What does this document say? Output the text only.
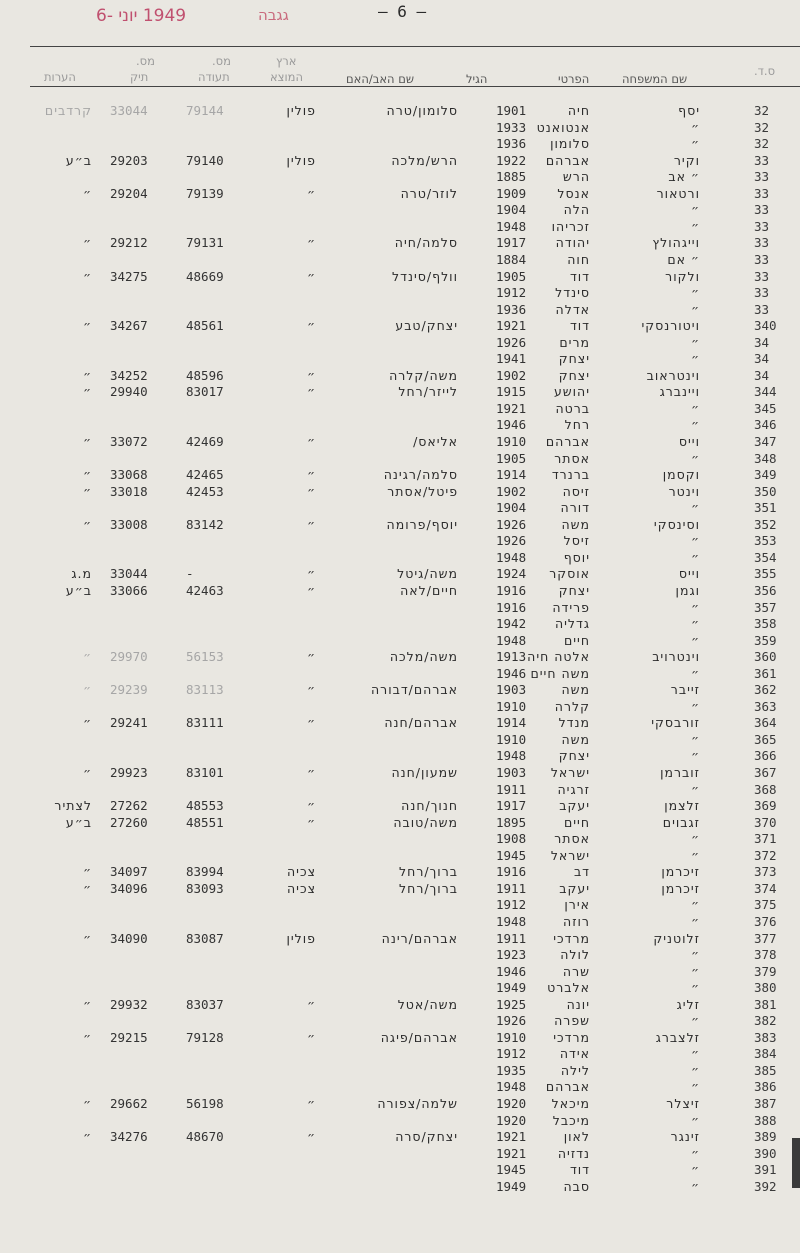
1949 יוני -6	גגבה	– 6 –
ס.ד.
שם המשפחה
הפרטי
הגיל
שם האב/האם
ארץ
המוצא
מס.
תעודה
מס.
תיק
הערות
32
יסף
חיה
1901
סלומון/טרה
פולין
79144
33044
קרדבים
32
״
אנטואנט
1933
32
״
סלומון
1936
33
וקיר
אברהם
1922
הרש/מלכה
פולין
79140
29203
ב״ע
33
״ אב
הרש
1885
33
ורטאור
אנסל
1909
לוזר/טרה
״
79139
29204
״
33
״
הלה
1904
33
״
זכריהו
1948
33
וייגהולץ
יהודה
1917
סלמה/חיה
״
79131
29212
״
33
״ אם
חוה
1884
33
ולקור
דוד
1905
וולף/סינדל
״
48669
34275
״
33
״
סינדל
1912
33
״
אדלה
1936
340
ויטורנסקי
דוד
1921
יצחק/טבע
״
48561
34267
״
34
״
מרים
1926
34
״
יצחק
1941
34
וינטראוב
יצחק
1902
משה/קלרה
״
48596
34252
״
344
ויינברג
יהושע
1915
לייזר/רחל
״
83017
29940
״
345
״
ברטה
1921
346
״
רחל
1946
347
וייס
אברהם
1910
אליאס/
״
42469
33072
״
348
״
אסתר
1905
349
וקסמן
ברנרד
1914
סלמה/רגינה
״
42465
33068
״
350
וינטר
זיסה
1902
פיטל/אסתר
״
42453
33018
״
351
״
דורה
1904
352
וסינסקי
משה
1926
יוסף/פרומה
״
83142
33008
״
353
״
זיסל
1926
354
״
יוסף
1948
355
וייס
אוסקר
1924
משה/גיטל
״
-
33044
מ.ג
356
וגמן
יצחק
1916
חיים/לאה
״
42463
33066
ב״ע
357
״
פרידה
1916
358
״
גדליה
1942
359
״
חיים
1948
360
וינטרויב
אלטה חיה
1913
משה/מלכה
״
56153
29970
״
361
״
משה חיים
1946
362
זייבר
משה
1903
אברהם/דבורה
״
83113
29239
״
363
״
קלרה
1910
364
זורבסקי
מנדל
1914
אברהם/חנה
״
83111
29241
״
365
״
משה
1910
366
״
יצחק
1948
367
זוברמן
ישראל
1903
שמעון/חנה
״
83101
29923
״
368
״
זרגיה
1911
369
זלצמן
יעקב
1917
חנוך/חנה
״
48553
27262
לצתיר
370
זגבוים
חיים
1895
משה/טובה
״
48551
27260
ב״ע
371
״
אסתר
1908
372
״
ישראל
1945
373
זיכרמן
דב
1916
ברוך/רחל
צכיה
83994
34097
״
374
זיכרמן
יעקב
1911
ברוך/רחל
צכיה
83093
34096
״
375
״
אירן
1912
376
״
רוזה
1948
377
זלוטניק
מרדכי
1911
אברהם/רינה
פולין
83087
34090
״
378
״
לולה
1923
379
״
שרה
1946
380
״
אלברט
1949
381
זליג
יונה
1925
משה/אטל
״
83037
29932
״
382
״
שפרה
1926
383
זלצברג
מרדכי
1910
אברהם/פיגה
״
79128
29215
״
384
״
אידה
1912
385
״
לילה
1935
386
״
אברהם
1948
387
זיצלר
מיכאל
1920
שלמה/צפורה
״
56198
29662
״
388
״
מיכבל
1920
389
זינגר
לאון
1921
יצחק/סרה
״
48670
34276
״
390
״
נדזיה
1921
391
״
דוד
1945
392
״
סבה
1949
